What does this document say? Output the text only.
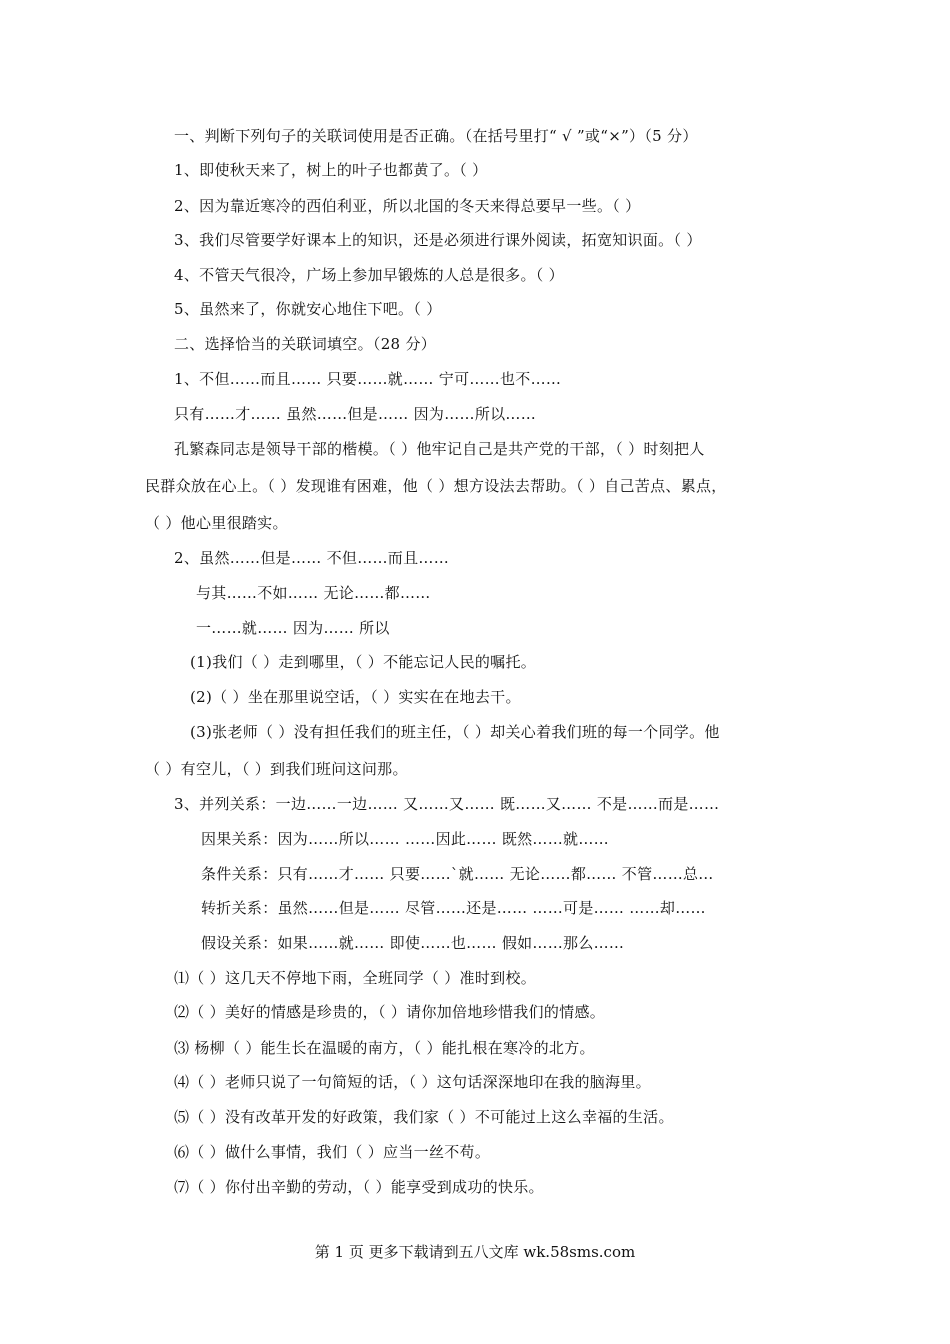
一、判断下列句子的关联词使用是否正确。（在括号里打“ √ ”或“×”）（5 分）
1、即使秋天来了，树上的叶子也都黄了。（ ）
2、因为靠近寒冷的西伯利亚，所以北国的冬天来得总要早一些。（ ）
3、我们尽管要学好课本上的知识，还是必须进行课外阅读，拓宽知识面。（ ）
4、不管天气很冷，广场上参加早锻炼的人总是很多。（ ）
5、虽然来了，你就安心地住下吧。（ ）
二、选择恰当的关联词填空。（28 分）
1、不但……而且…… 只要……就…… 宁可……也不……
只有……才…… 虽然……但是…… 因为……所以……
孔繁森同志是领导干部的楷模。（ ）他牢记自己是共产党的干部，（ ）时刻把人
民群众放在心上。（ ）发现谁有困难，他（ ）想方设法去帮助。（ ）自己苦点、累点，
（ ）他心里很踏实。
2、虽然……但是…… 不但……而且……
与其……不如…… 无论……都……
一……就…… 因为…… 所以
(1)我们（ ）走到哪里，（ ）不能忘记人民的嘱托。
(2)（ ）坐在那里说空话，（ ）实实在在地去干。
(3)张老师（ ）没有担任我们的班主任，（ ）却关心着我们班的每一个同学。他
（ ）有空儿，（ ）到我们班问这问那。
3、并列关系：一边……一边…… 又……又…… 既……又…… 不是……而是……
因果关系：因为……所以…… ……因此…… 既然……就……
条件关系：只有……才…… 只要……`就…… 无论……都…… 不管……总…
转折关系：虽然……但是…… 尽管……还是…… ……可是…… ……却……
假设关系：如果……就…… 即使……也…… 假如……那么……
⑴（ ）这几天不停地下雨，全班同学（ ）准时到校。
⑵（ ）美好的情感是珍贵的，（ ）请你加倍地珍惜我们的情感。
⑶ 杨柳（ ）能生长在温暖的南方，（ ）能扎根在寒冷的北方。
⑷（ ）老师只说了一句简短的话，（ ）这句话深深地印在我的脑海里。
⑸（ ）没有改革开发的好政策，我们家（ ）不可能过上这么幸福的生活。
⑹（ ）做什么事情，我们（ ）应当一丝不苟。
⑺（ ）你付出辛勤的劳动，（ ）能享受到成功的快乐。
第 1 页 更多下载请到五八文库 wk.58sms.com
